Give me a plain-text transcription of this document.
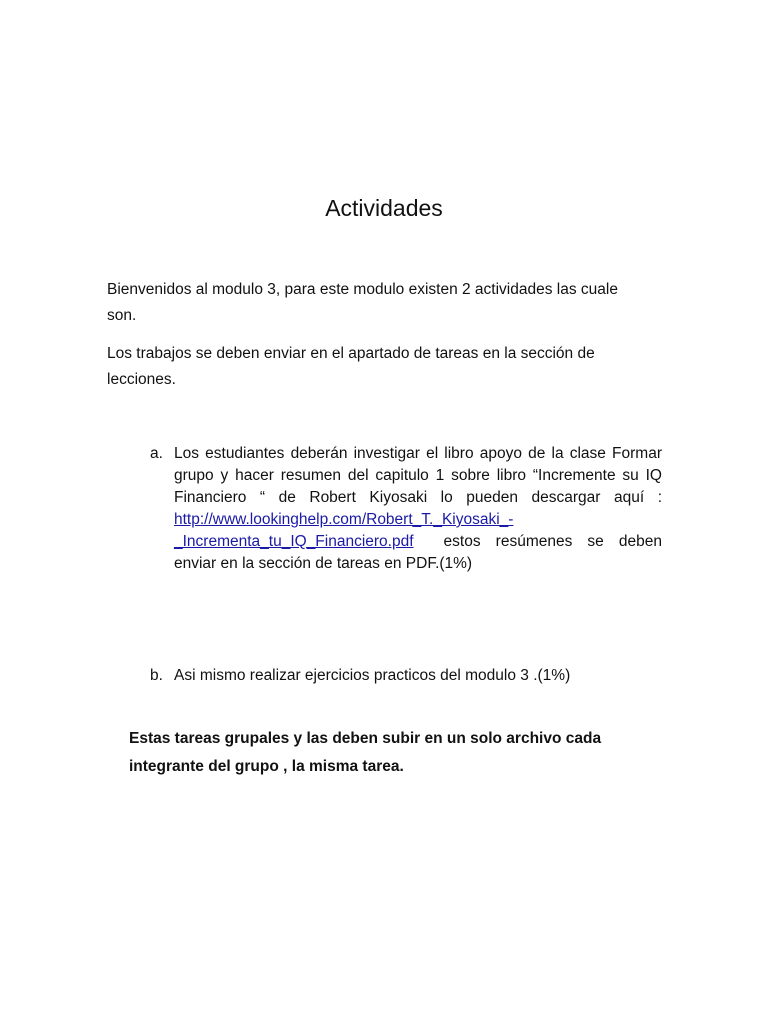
Actividades

Bienvenidos al modulo 3, para este modulo existen 2 actividades las cuale son.

Los trabajos se deben enviar en el apartado de tareas en la sección de lecciones.

a. Los estudiantes deberán investigar el libro apoyo de la clase Formar
grupo y hacer resumen del capitulo 1 sobre libro “Incremente su IQ
Financiero “ de Robert Kiyosaki lo pueden descargar aquí :
http://www.lookinghelp.com/Robert_T._Kiyosaki_-
_Incrementa_tu_IQ_Financiero.pdf estos resúmenes se deben
enviar en la sección de tareas en PDF.(1%)
b. Asi mismo realizar ejercicios practicos del modulo 3 .(1%)
Estas tareas grupales y las deben subir en un solo archivo cada
integrante del grupo , la misma tarea.
